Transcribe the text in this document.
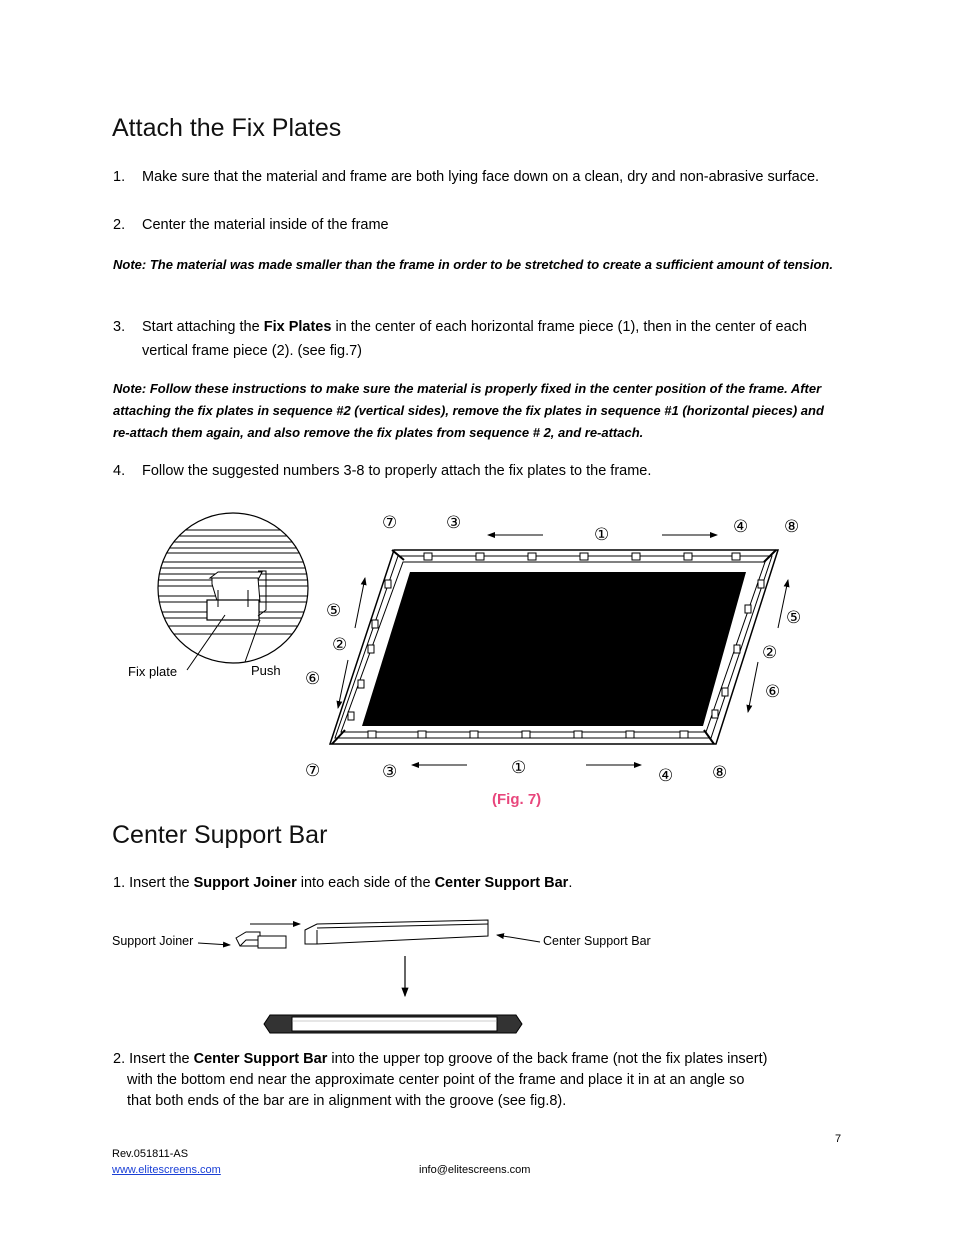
Attach the Fix Plates
1.	Make sure that the material and frame are both lying face down on a clean, dry and non-abrasive surface.
2.	Center the material inside of the frame
Note: The material was made smaller than the frame in order to be stretched to create a sufficient amount of tension.
3.	Start attaching the Fix Plates in the center of each horizontal frame piece (1), then in the center of each vertical frame piece (2). (see fig.7)
Note: Follow these instructions to make sure the material is properly fixed in the center position of the frame. After attaching the fix plates in sequence #2 (vertical sides), remove the fix plates in sequence #1 (horizontal pieces) and re-attach them again, and also remove the fix plates from sequence # 2, and re-attach.
4.	Follow the suggested numbers 3-8 to properly attach the fix plates to the frame.
⑦	③
①	④ ⑧
⑤
②
⑥
⑤
②
⑥
⑦	③	①	④ ⑧
Fix plate	Push
(Fig. 7)
Center Support Bar
1. Insert the Support Joiner into each side of the Center Support Bar.
Support Joiner	Center Support Bar
2. Insert the Center Support Bar into the upper top groove of the back frame (not the fix plates insert)
with the bottom end near the approximate center point of the frame and place it in at an angle so
that both ends of the bar are in alignment with the groove (see fig.8).
7
Rev.051811-AS
www.elitescreens.com	info@elitescreens.com
